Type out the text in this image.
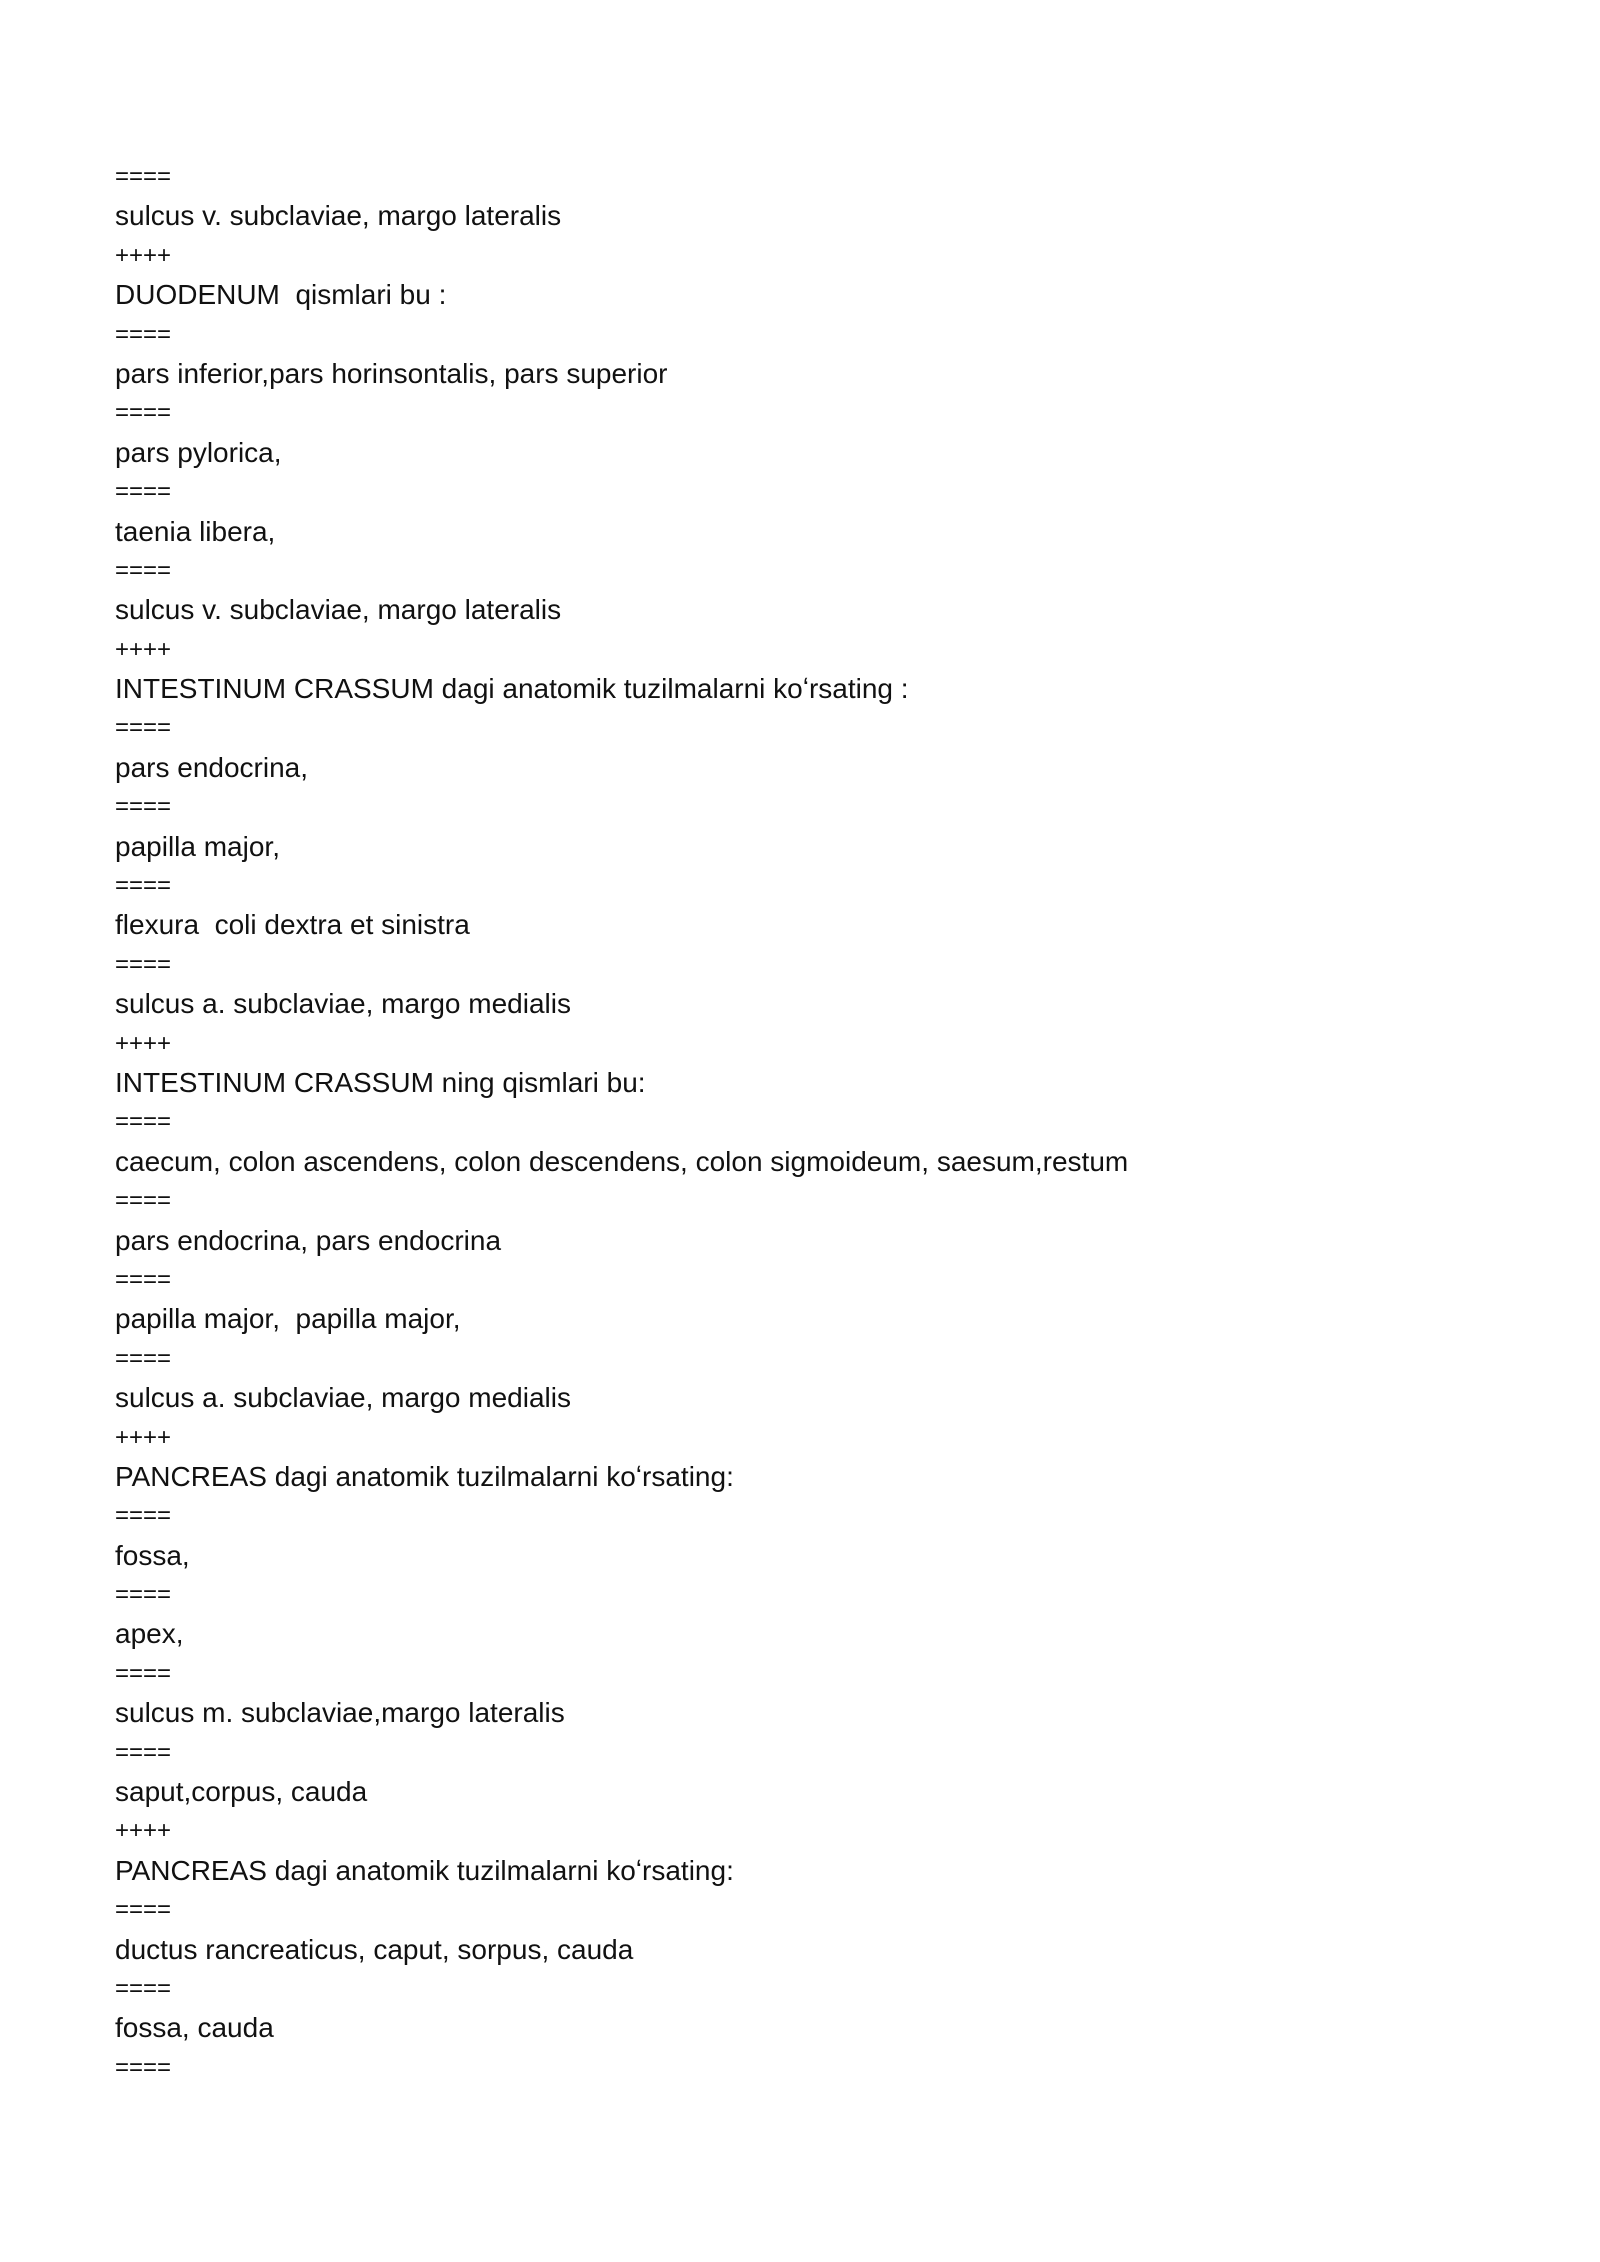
====

sulcus v. subclaviae, margo lateralis

++++

DUODENUM  qismlari bu :

====

pars inferior,pars horinsontalis, pars superior

====

pars pylorica,

====

taenia libera,

====

sulcus v. subclaviae, margo lateralis

++++

INTESTINUM CRASSUM dagi anatomik tuzilmalarni koʻrsating :

====

pars endocrina,

====

papilla major,

====

flexura  coli dextra et sinistra

====

sulcus a. subclaviae, margo medialis

++++

INTESTINUM CRASSUM ning qismlari bu:

====

caecum, colon ascendens, colon descendens, colon sigmoideum, saesum,restum

====

pars endocrina, pars endocrina

====

papilla major,  papilla major,

====

sulcus a. subclaviae, margo medialis

++++

PANCREAS dagi anatomik tuzilmalarni koʻrsating:

====

fossa,

====

apex,

====

sulcus m. subclaviae,margo lateralis

====

saput,corpus, cauda

++++

PANCREAS dagi anatomik tuzilmalarni koʻrsating:

====

ductus rancreaticus, caput, sorpus, cauda

====

fossa, cauda

====
